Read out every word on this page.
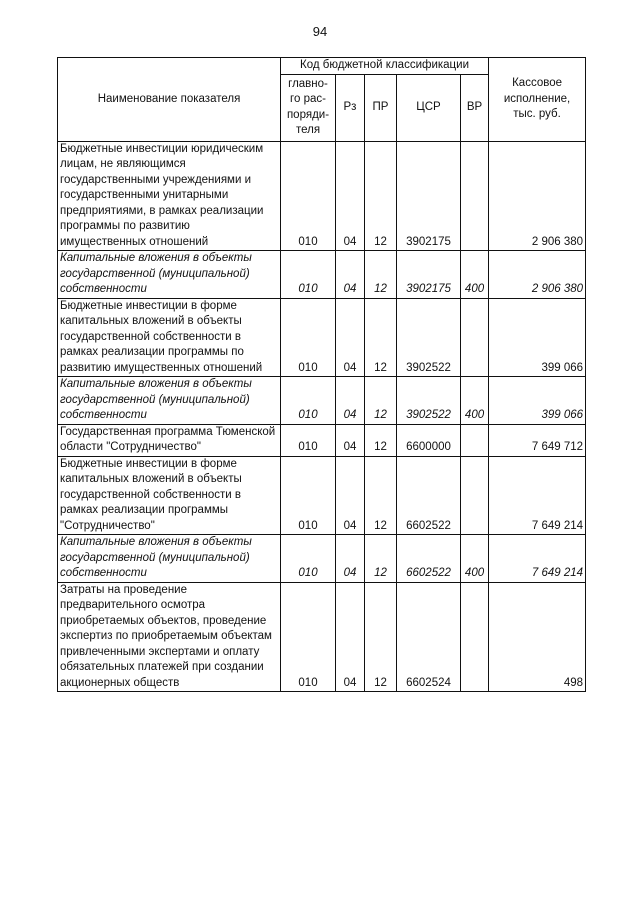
94
Наименование показателя	Код бюджетной классификации					Кассовое исполнение, тыс. руб.
	главно-го рас-поряди-теля	Рз	ПР	ЦСР	ВР	
Бюджетные инвестиции юридическим лицам, не являющимся государственными учреждениями и государственными унитарными предприятиями, в рамках реализации программы по развитию имущественных отношений	010	04	12	3902175		2 906 380
Капитальные вложения в объекты государственной (муниципальной) собственности	010	04	12	3902175	400	2 906 380
Бюджетные инвестиции в форме капитальных вложений в объекты государственной собственности в рамках реализации программы по развитию имущественных отношений	010	04	12	3902522		399 066
Капитальные вложения в объекты государственной (муниципальной) собственности	010	04	12	3902522	400	399 066
Государственная программа Тюменской области "Сотрудничество"	010	04	12	6600000		7 649 712
Бюджетные инвестиции в форме капитальных вложений в объекты государственной собственности в рамках реализации программы "Сотрудничество"	010	04	12	6602522		7 649 214
Капитальные вложения в объекты государственной (муниципальной) собственности	010	04	12	6602522	400	7 649 214
Затраты на проведение предварительного осмотра приобретаемых объектов, проведение экспертиз по приобретаемым объектам привлеченными экспертами и оплату обязательных платежей при создании акционерных обществ	010	04	12	6602524		498
